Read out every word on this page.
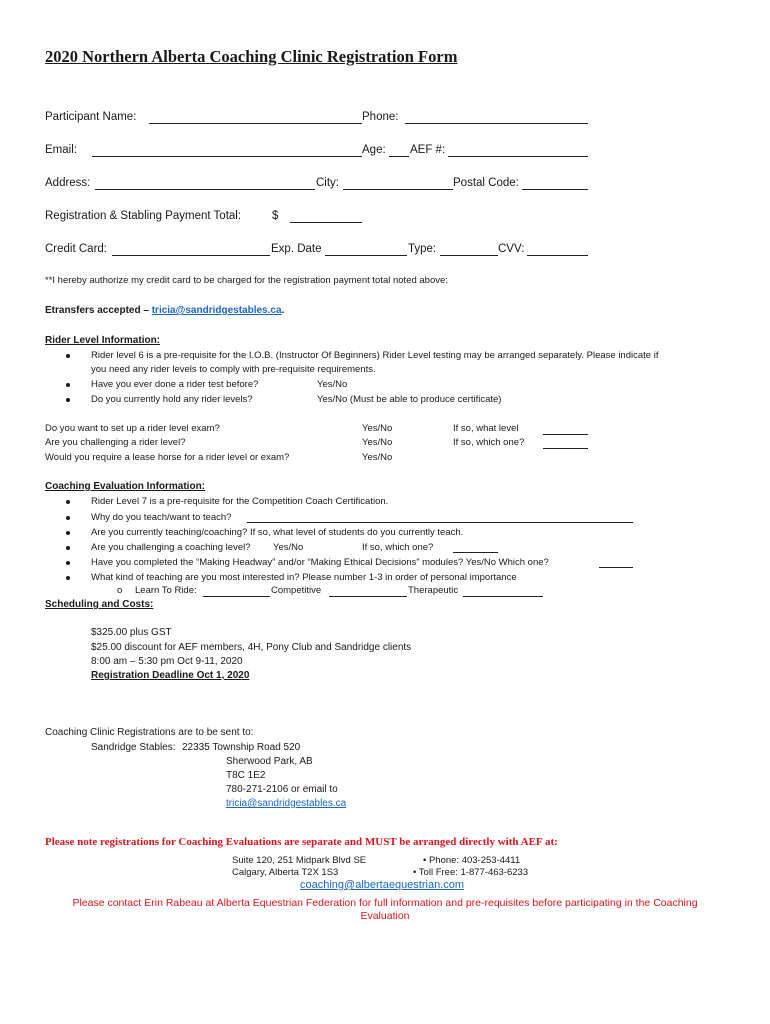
2020 Northern Alberta Coaching Clinic Registration Form
Participant Name:	Phone:
Email:	Age: AEF #:
Address:	City:	Postal Code:
Registration & Stabling Payment Total:	$
Credit Card:	Exp. Date	Type:	CVV:
**I hereby authorize my credit card to be charged for the registration payment total noted above:
Etransfers accepted – tricia@sandridgestables.ca.
Rider Level Information:
Rider level 6 is a pre-requisite for the I.O.B. (Instructor Of Beginners) Rider Level testing may be arranged separately. Please indicate if
you need any rider levels to comply with pre-requisite requirements.
Have you ever done a rider test before?	Yes/No
Do you currently hold any rider levels?	Yes/No (Must be able to produce certificate)
Do you want to set up a rider level exam?	Yes/No	If so, what level
Are you challenging a rider level?	Yes/No	If so, which one?
Would you require a lease horse for a rider level or exam?	Yes/No
Coaching Evaluation Information:
Rider Level 7 is a pre-requisite for the Competition Coach Certification.
Why do you teach/want to teach?
Are you currently teaching/coaching? If so, what level of students do you currently teach.
Are you challenging a coaching level? Yes/No	If so, which one?
Have you completed the “Making Headway” and/or “Making Ethical Decisions” modules? Yes/No Which one?
What kind of teaching are you most interested in? Please number 1-3 in order of personal importance
o Learn To Ride:	Competitive	Therapeutic
Scheduling and Costs:
$325.00 plus GST
$25.00 discount for AEF members, 4H, Pony Club and Sandridge clients
8:00 am – 5:30 pm Oct 9-11, 2020
Registration Deadline Oct 1, 2020
Coaching Clinic Registrations are to be sent to:
Sandridge Stables: 22335 Township Road 520
Sherwood Park, AB
T8C 1E2
780-271-2106 or email to
tricia@sandridgestables.ca
Please note registrations for Coaching Evaluations are separate and MUST be arranged directly with AEF at:
Suite 120, 251 Midpark Blvd SE
Calgary, Alberta T2X 1S3
• Phone: 403-253-4411
• Toll Free: 1-877-463-6233
coaching@albertaequestrian.com
Please contact Erin Rabeau at Alberta Equestrian Federation for full information and pre-requisites before participating in the Coaching
Evaluation
